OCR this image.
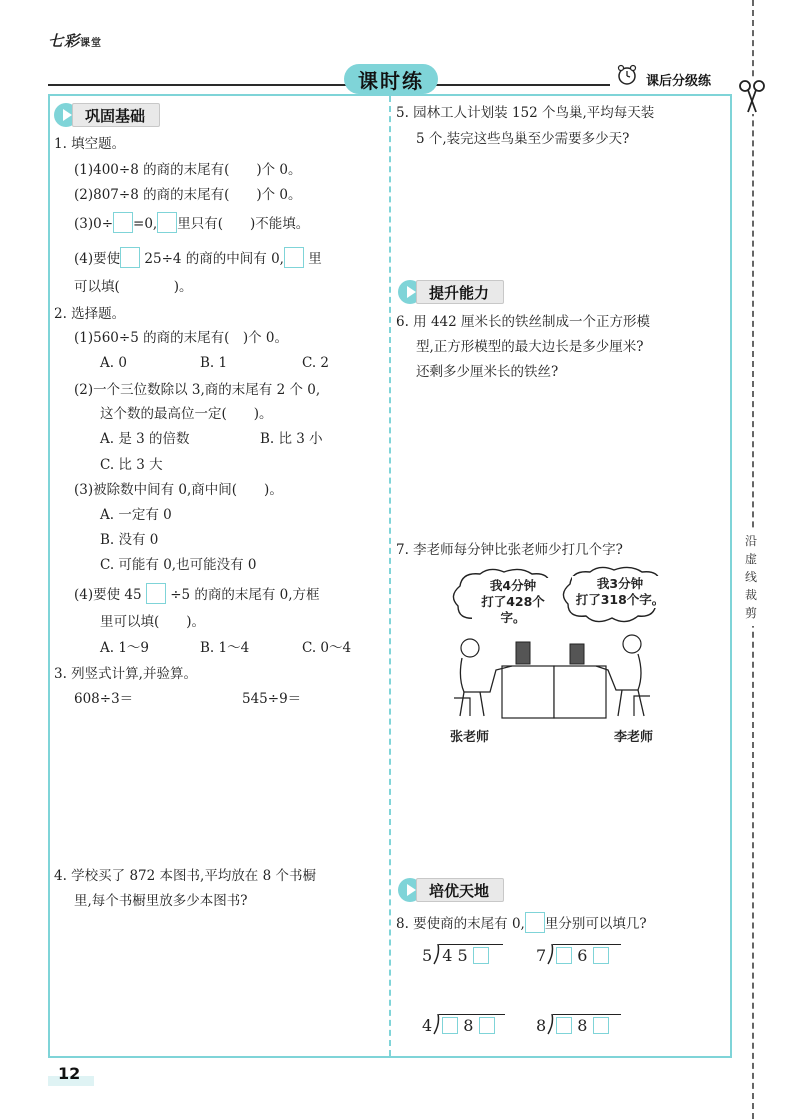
七彩课堂
课时练	课后分级练
沿虚线裁剪
巩固基础
1. 填空题。
(1)400÷8 的商的末尾有(　　)个 0。
(2)807÷8 的商的末尾有(　　)个 0。
(3)0÷ =0, 里只有(　　)不能填。
(4)要使 25÷4 的商的中间有 0, 里
可以填(　　　　)。
2. 选择题。
(1)560÷5 的商的末尾有(　)个 0。
A. 0	B. 1	C. 2
(2)一个三位数除以 3,商的末尾有 2 个 0,
这个数的最高位一定(　　)。
A. 是 3 的倍数	B. 比 3 小
C. 比 3 大
(3)被除数中间有 0,商中间(　　)。
A. 一定有 0
B. 没有 0
C. 可能有 0,也可能没有 0
(4)要使 45 ÷5 的商的末尾有 0,方框
里可以填(　　)。
A. 1～9	B. 1～4	C. 0～4
3. 列竖式计算,并验算。
608÷3＝	545÷9＝
4. 学校买了 872 本图书,平均放在 8 个书橱
里,每个书橱里放多少本图书?
5. 园林工人计划装 152 个鸟巢,平均每天装
5 个,装完这些鸟巢至少需要多少天?
提升能力
6. 用 442 厘米长的铁丝制成一个正方形模
型,正方形模型的最大边长是多少厘米?
还剩多少厘米长的铁丝?
7. 李老师每分钟比张老师少打几个字?
我4分钟
打了428个字。
我3分钟
打了318个字。
张老师	李老师
培优天地
8. 要使商的末尾有 0, 里分别可以填几?
5 4 5	7 6
4 8	8 8
12
